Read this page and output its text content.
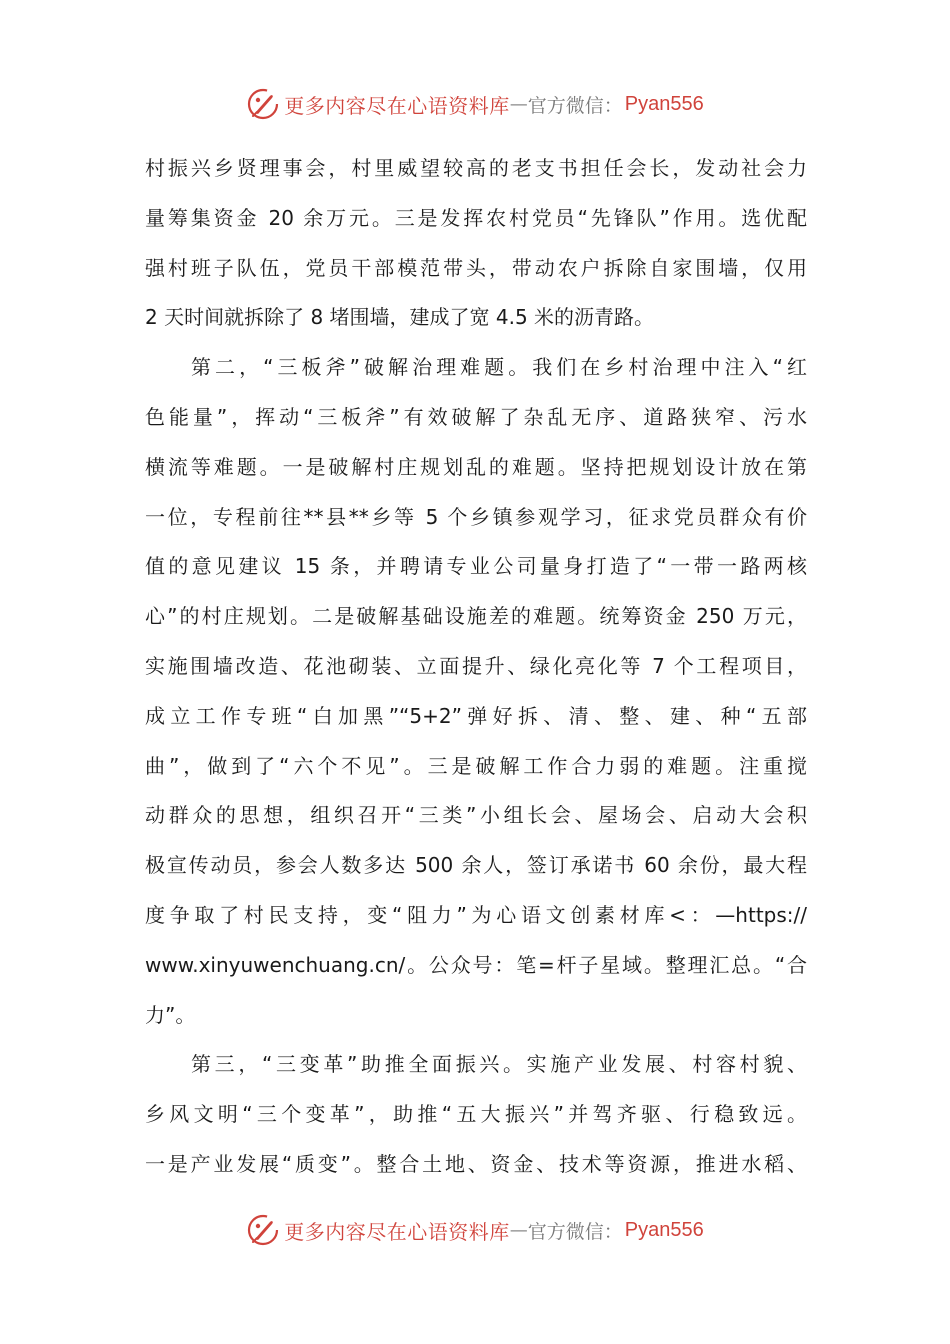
更多内容尽在心语资料库 — 官方微信： Pyan556
村振兴乡贤理事会，村里威望较高的老支书担任会长，发动社会力
量筹集资金 20 余万元。三是发挥农村党员“先锋队”作用。选优配
强村班子队伍，党员干部模范带头，带动农户拆除自家围墙，仅用
2 天时间就拆除了 8 堵围墙，建成了宽 4.5 米的沥青路。
第二，“三板斧”破解治理难题。我们在乡村治理中注入“红
色能量”，挥动“三板斧”有效破解了杂乱无序、道路狭窄、污水
横流等难题。一是破解村庄规划乱的难题。坚持把规划设计放在第
一位，专程前往**县**乡等 5 个乡镇参观学习，征求党员群众有价
值的意见建议 15 条，并聘请专业公司量身打造了“一带一路两核
心”的村庄规划。二是破解基础设施差的难题。统筹资金 250 万元，
实施围墙改造、花池砌装、立面提升、绿化亮化等 7 个工程项目，
成立工作专班“白加黑”“5+2”弹好拆、清、整、建、种“五部
曲”，做到了“六个不见”。三是破解工作合力弱的难题。注重搅
动群众的思想，组织召开“三类”小组长会、屋场会、启动大会积
极宣传动员，参会人数多达 500 余人，签订承诺书 60 余份，最大程
度争取了村民支持，变“阻力”为心语文创素材库<：—https://
www.xinyuwenchuang.cn/。公众号：笔=杆子星域。整理汇总。“合
力”。
第三，“三变革”助推全面振兴。实施产业发展、村容村貌、
乡风文明“三个变革”，助推“五大振兴”并驾齐驱、行稳致远。
一是产业发展“质变”。整合土地、资金、技术等资源，推进水稻、
更多内容尽在心语资料库 — 官方微信： Pyan556
